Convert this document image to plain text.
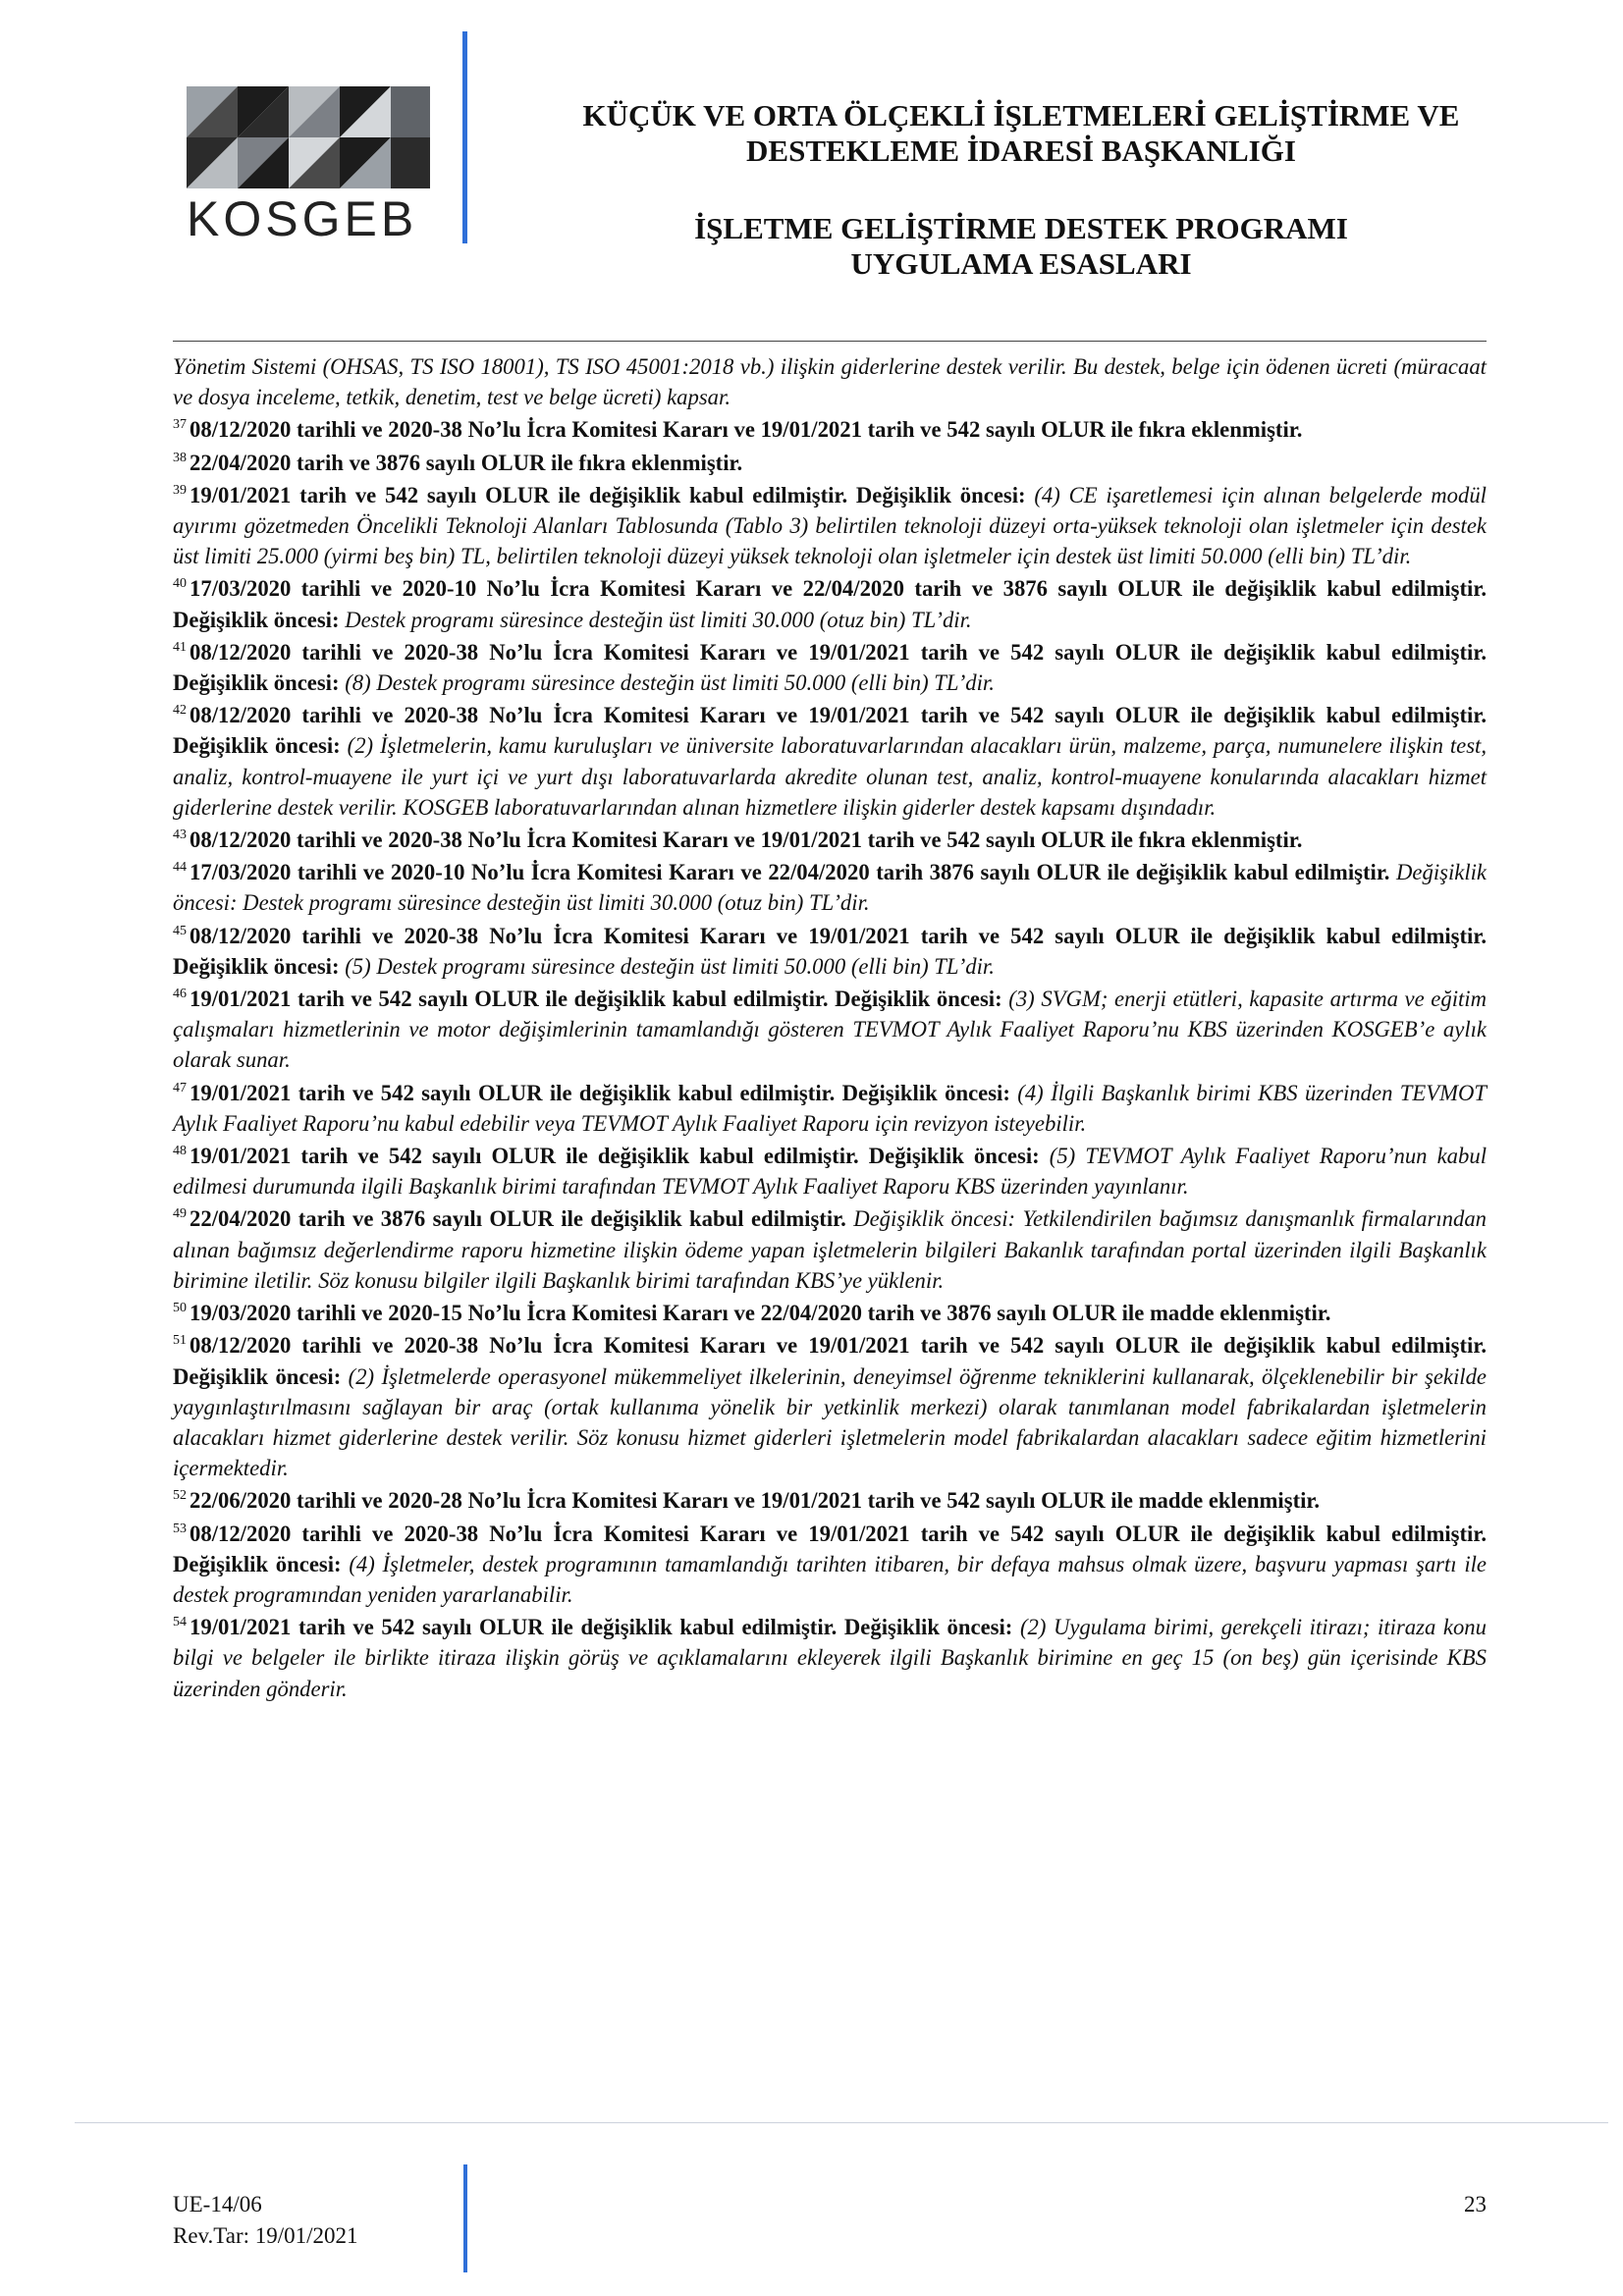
KOSGEB
KÜÇÜK VE ORTA ÖLÇEKLİ İŞLETMELERİ GELİŞTİRME VE
DESTEKLEME İDARESİ BAŞKANLIĞI
İŞLETME GELİŞTİRME DESTEK PROGRAMI
UYGULAMA ESASLARI

Yönetim Sistemi (OHSAS, TS ISO 18001), TS ISO 45001:2018 vb.) ilişkin giderlerine destek verilir. Bu destek, belge için ödenen ücreti (müracaat ve dosya inceleme, tetkik, denetim, test ve belge ücreti) kapsar.

$^{37}$ 08/12/2020 tarihli ve 2020-38 No’lu İcra Komitesi Kararı ve 19/01/2021 tarih ve 542 sayılı OLUR ile fıkra eklenmiştir.

$^{38}$ 22/04/2020 tarih ve 3876 sayılı OLUR ile fıkra eklenmiştir.

$^{39}$ 19/01/2021 tarih ve 542 sayılı OLUR ile değişiklik kabul edilmiştir. Değişiklik öncesi: (4) CE işaretlemesi için alınan belgelerde modül ayırımı gözetmeden Öncelikli Teknoloji Alanları Tablosunda (Tablo 3) belirtilen teknoloji düzeyi orta-yüksek teknoloji olan işletmeler için destek üst limiti 25.000 (yirmi beş bin) TL, belirtilen teknoloji düzeyi yüksek teknoloji olan işletmeler için destek üst limiti 50.000 (elli bin) TL’dir.

$^{40}$ 17/03/2020 tarihli ve 2020-10 No’lu İcra Komitesi Kararı ve 22/04/2020 tarih ve 3876 sayılı OLUR ile değişiklik kabul edilmiştir. Değişiklik öncesi: Destek programı süresince desteğin üst limiti 30.000 (otuz bin) TL’dir.

$^{41}$ 08/12/2020 tarihli ve 2020-38 No’lu İcra Komitesi Kararı ve 19/01/2021 tarih ve 542 sayılı OLUR ile değişiklik kabul edilmiştir. Değişiklik öncesi: (8) Destek programı süresince desteğin üst limiti 50.000 (elli bin) TL’dir.

$^{42}$ 08/12/2020 tarihli ve 2020-38 No’lu İcra Komitesi Kararı ve 19/01/2021 tarih ve 542 sayılı OLUR ile değişiklik kabul edilmiştir. Değişiklik öncesi: (2) İşletmelerin, kamu kuruluşları ve üniversite laboratuvarlarından alacakları ürün, malzeme, parça, numunelere ilişkin test, analiz, kontrol-muayene ile yurt içi ve yurt dışı laboratuvarlarda akredite olunan test, analiz, kontrol-muayene konularında alacakları hizmet giderlerine destek verilir. KOSGEB laboratuvarlarından alınan hizmetlere ilişkin giderler destek kapsamı dışındadır.

$^{43}$ 08/12/2020 tarihli ve 2020-38 No’lu İcra Komitesi Kararı ve 19/01/2021 tarih ve 542 sayılı OLUR ile fıkra eklenmiştir.

$^{44}$ 17/03/2020 tarihli ve 2020-10 No’lu İcra Komitesi Kararı ve 22/04/2020 tarih 3876 sayılı OLUR ile değişiklik kabul edilmiştir. Değişiklik öncesi: Destek programı süresince desteğin üst limiti 30.000 (otuz bin) TL’dir.

$^{45}$ 08/12/2020 tarihli ve 2020-38 No’lu İcra Komitesi Kararı ve 19/01/2021 tarih ve 542 sayılı OLUR ile değişiklik kabul edilmiştir. Değişiklik öncesi: (5) Destek programı süresince desteğin üst limiti 50.000 (elli bin) TL’dir.

$^{46}$ 19/01/2021 tarih ve 542 sayılı OLUR ile değişiklik kabul edilmiştir. Değişiklik öncesi: (3) SVGM; enerji etütleri, kapasite artırma ve eğitim çalışmaları hizmetlerinin ve motor değişimlerinin tamamlandığı gösteren TEVMOT Aylık Faaliyet Raporu’nu KBS üzerinden KOSGEB’e aylık olarak sunar.

$^{47}$ 19/01/2021 tarih ve 542 sayılı OLUR ile değişiklik kabul edilmiştir. Değişiklik öncesi: (4) İlgili Başkanlık birimi KBS üzerinden TEVMOT Aylık Faaliyet Raporu’nu kabul edebilir veya TEVMOT Aylık Faaliyet Raporu için revizyon isteyebilir.

$^{48}$ 19/01/2021 tarih ve 542 sayılı OLUR ile değişiklik kabul edilmiştir. Değişiklik öncesi: (5) TEVMOT Aylık Faaliyet Raporu’nun kabul edilmesi durumunda ilgili Başkanlık birimi tarafından TEVMOT Aylık Faaliyet Raporu KBS üzerinden yayınlanır.

$^{49}$ 22/04/2020 tarih ve 3876 sayılı OLUR ile değişiklik kabul edilmiştir. Değişiklik öncesi: Yetkilendirilen bağımsız danışmanlık firmalarından alınan bağımsız değerlendirme raporu hizmetine ilişkin ödeme yapan işletmelerin bilgileri Bakanlık tarafından portal üzerinden ilgili Başkanlık birimine iletilir. Söz konusu bilgiler ilgili Başkanlık birimi tarafından KBS’ye yüklenir.

$^{50}$ 19/03/2020 tarihli ve 2020-15 No’lu İcra Komitesi Kararı ve 22/04/2020 tarih ve 3876 sayılı OLUR ile madde eklenmiştir.

$^{51}$ 08/12/2020 tarihli ve 2020-38 No’lu İcra Komitesi Kararı ve 19/01/2021 tarih ve 542 sayılı OLUR ile değişiklik kabul edilmiştir. Değişiklik öncesi: (2) İşletmelerde operasyonel mükemmeliyet ilkelerinin, deneyimsel öğrenme tekniklerini kullanarak, ölçeklenebilir bir şekilde yaygınlaştırılmasını sağlayan bir araç (ortak kullanıma yönelik bir yetkinlik merkezi) olarak tanımlanan model fabrikalardan işletmelerin alacakları hizmet giderlerine destek verilir. Söz konusu hizmet giderleri işletmelerin model fabrikalardan alacakları sadece eğitim hizmetlerini içermektedir.

$^{52}$ 22/06/2020 tarihli ve 2020-28 No’lu İcra Komitesi Kararı ve 19/01/2021 tarih ve 542 sayılı OLUR ile madde eklenmiştir.

$^{53}$ 08/12/2020 tarihli ve 2020-38 No’lu İcra Komitesi Kararı ve 19/01/2021 tarih ve 542 sayılı OLUR ile değişiklik kabul edilmiştir. Değişiklik öncesi: (4) İşletmeler, destek programının tamamlandığı tarihten itibaren, bir defaya mahsus olmak üzere, başvuru yapması şartı ile destek programından yeniden yararlanabilir.

$^{54}$ 19/01/2021 tarih ve 542 sayılı OLUR ile değişiklik kabul edilmiştir. Değişiklik öncesi: (2) Uygulama birimi, gerekçeli itirazı; itiraza konu bilgi ve belgeler ile birlikte itiraza ilişkin görüş ve açıklamalarını ekleyerek ilgili Başkanlık birimine en geç 15 (on beş) gün içerisinde KBS üzerinden gönderir.

UE-14/06
Rev.Tar: 19/01/2021
23
